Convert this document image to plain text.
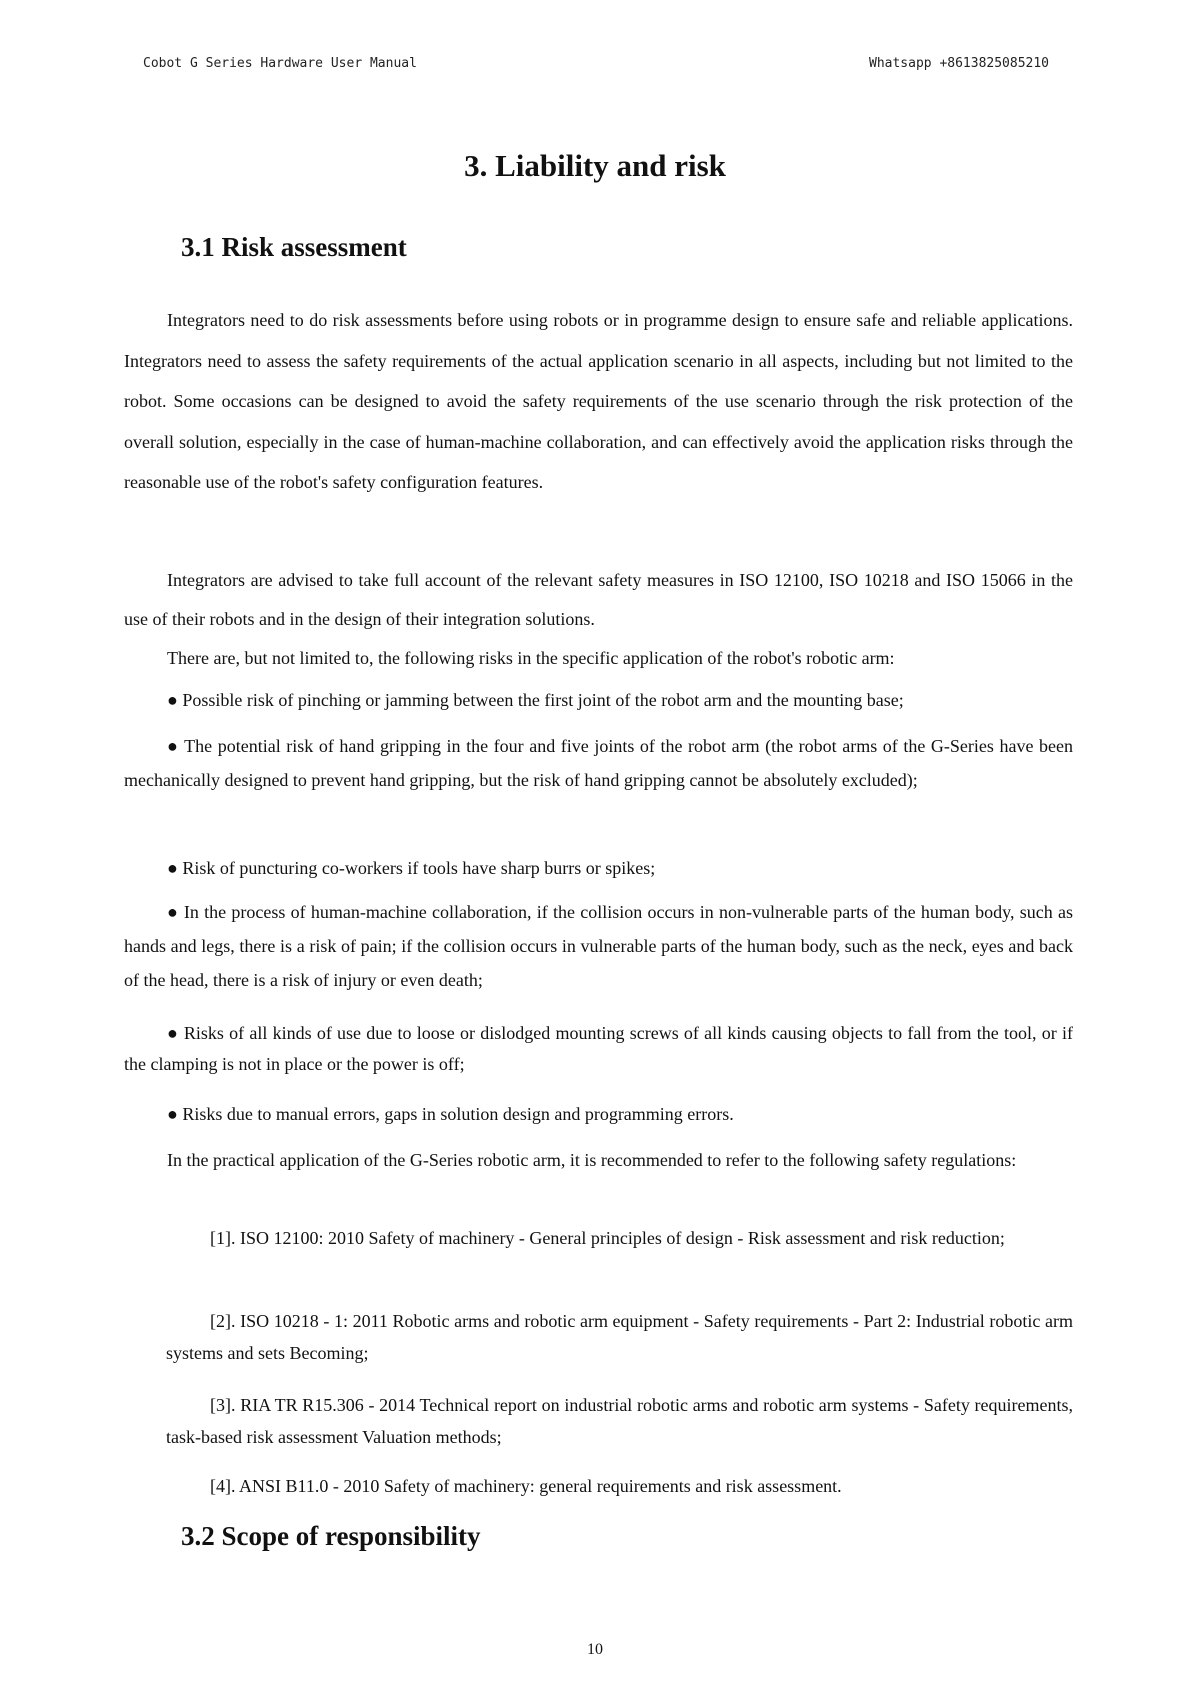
Cobot G Series Hardware User Manual	Whatsapp +8613825085210
3. Liability and risk
3.1 Risk assessment

Integrators need to do risk assessments before using robots or in programme design to ensure safe and reliable applications. Integrators need to assess the safety requirements of the actual application scenario in all aspects, including but not limited to the robot. Some occasions can be designed to avoid the safety requirements of the use scenario through the risk protection of the overall solution, especially in the case of human-machine collaboration, and can effectively avoid the application risks through the reasonable use of the robot's safety configuration features.

Integrators are advised to take full account of the relevant safety measures in ISO 12100, ISO 10218 and ISO 15066 in the use of their robots and in the design of their integration solutions.

There are, but not limited to, the following risks in the specific application of the robot's robotic arm:

● Possible risk of pinching or jamming between the first joint of the robot arm and the mounting base;

● The potential risk of hand gripping in the four and five joints of the robot arm (the robot arms of the G-Series have been mechanically designed to prevent hand gripping, but the risk of hand gripping cannot be absolutely excluded);

● Risk of puncturing co-workers if tools have sharp burrs or spikes;

● In the process of human-machine collaboration, if the collision occurs in non-vulnerable parts of the human body, such as hands and legs, there is a risk of pain; if the collision occurs in vulnerable parts of the human body, such as the neck, eyes and back of the head, there is a risk of injury or even death;

● Risks of all kinds of use due to loose or dislodged mounting screws of all kinds causing objects to fall from the tool, or if the clamping is not in place or the power is off;

● Risks due to manual errors, gaps in solution design and programming errors.

In the practical application of the G-Series robotic arm, it is recommended to refer to the following safety regulations:

[1]. ISO 12100: 2010 Safety of machinery - General principles of design - Risk assessment and risk reduction;

[2]. ISO 10218 - 1: 2011 Robotic arms and robotic arm equipment - Safety requirements - Part 2: Industrial robotic arm systems and sets Becoming;

[3]. RIA TR R15.306 - 2014 Technical report on industrial robotic arms and robotic arm systems - Safety requirements, task-based risk assessment Valuation methods;

[4]. ANSI B11.0 - 2010 Safety of machinery: general requirements and risk assessment.

3.2 Scope of responsibility
10
